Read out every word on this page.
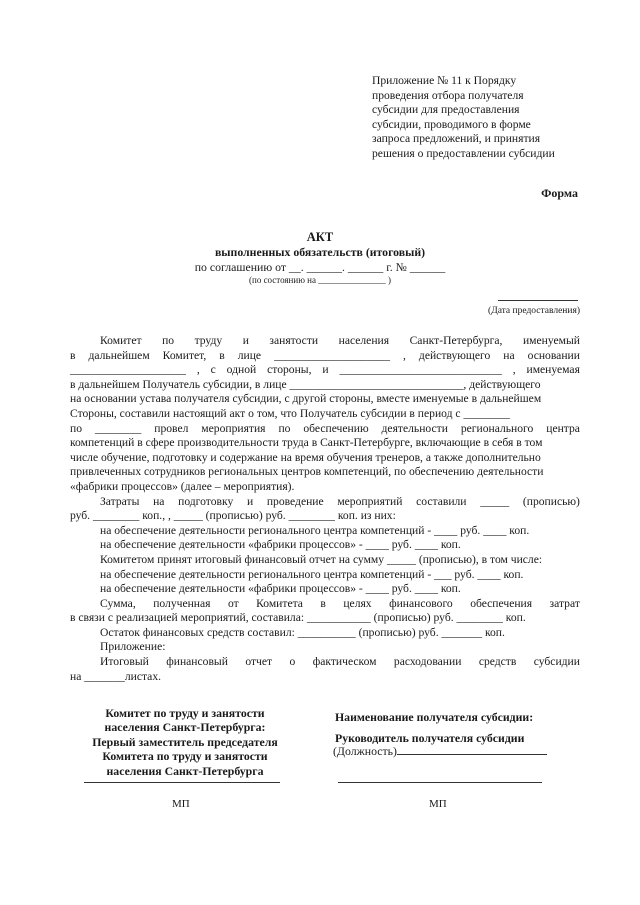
Приложение № 11 к Порядку
проведения отбора получателя
субсидии для предоставления
субсидии, проводимого в форме
запроса предложений, и принятия
решения о предоставлении субсидии
Форма
АКТ
выполненных обязательств (итоговый)
по соглашению от __. ______. ______ г. № ______
(по состоянию на _______________ )
(Дата предоставления)
Комитет по труду и занятости населения Санкт-Петербурга, именуемый
в дальнейшем Комитет, в лице ____________________ , действующего на основании
____________________ , с одной стороны, и ____________________________ , именуемая
в дальнейшем Получатель субсидии, в лице ______________________________, действующего
на основании устава получателя субсидии, с другой стороны, вместе именуемые в дальнейшем
Стороны, составили настоящий акт о том, что Получатель субсидии в период с ________
по ________ провел мероприятия по обеспечению деятельности регионального центра
компетенций в сфере производительности труда в Санкт-Петербурге, включающие в себя в том
числе обучение, подготовку и содержание на время обучения тренеров, а также дополнительно
привлеченных сотрудников региональных центров компетенций, по обеспечению деятельности
«фабрики процессов» (далее – мероприятия).
Затраты на подготовку и проведение мероприятий составили _____ (прописью)
руб. ________ коп., , _____ (прописью) руб. ________ коп. из них:
на обеспечение деятельности регионального центра компетенций - ____ руб. ____ коп.
на обеспечение деятельности «фабрики процессов» - ____ руб. ____ коп.
Комитетом принят итоговый финансовый отчет на сумму _____ (прописью), в том числе:
на обеспечение деятельности регионального центра компетенций - ___ руб. ____ коп.
на обеспечение деятельности «фабрики процессов» - ____ руб. ____ коп.
Сумма, полученная от Комитета в целях финансового обеспечения затрат
в связи с реализацией мероприятий, составила: ___________ (прописью) руб. ________ коп.
Остаток финансовых средств составил: __________ (прописью) руб. _______ коп.
Приложение:
Итоговый финансовый отчет о фактическом расходовании средств субсидии
на _______листах.
Комитет по труду и занятости
населения Санкт-Петербурга:
Первый заместитель председателя
Комитета по труду и занятости
населения Санкт-Петербурга
Наименование получателя субсидии:
Руководитель получателя субсидии
(Должность)
МП	МП
